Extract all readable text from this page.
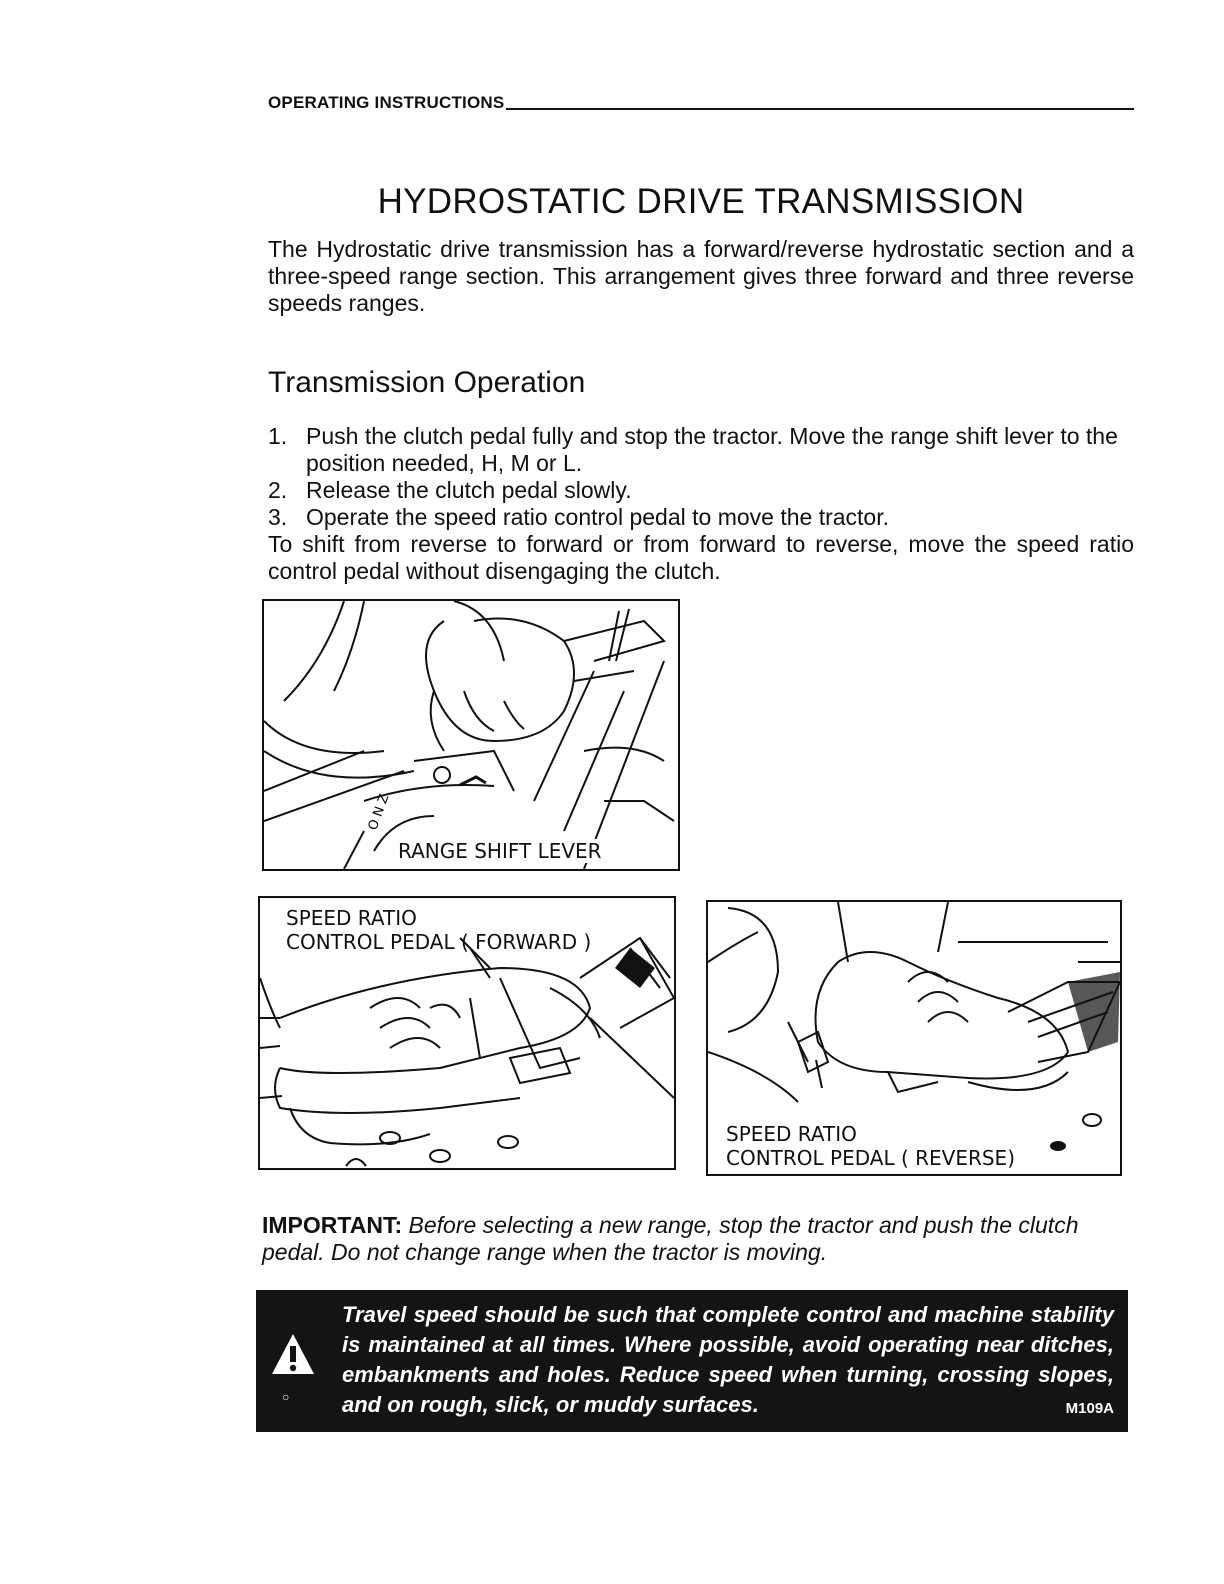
OPERATING INSTRUCTIONS
HYDROSTATIC DRIVE TRANSMISSION
The Hydrostatic drive transmission has a forward/reverse hydrostatic section and a three-speed range section. This arrangement gives three forward and three reverse speeds ranges.
Transmission Operation
1. Push the clutch pedal fully and stop the tractor. Move the range shift lever to the position needed, H, M or L.
2. Release the clutch pedal slowly.
3. Operate the speed ratio control pedal to move the tractor.
To shift from reverse to forward or from forward to reverse, move the speed ratio control pedal without disengaging the clutch.
O N Z
RANGE SHIFT LEVER
SPEED RATIO
CONTROL PEDAL ( FORWARD )
SPEED RATIO
CONTROL PEDAL ( REVERSE)
IMPORTANT: Before selecting a new range, stop the tractor and push the clutch pedal. Do not change range when the tractor is moving.
○
Travel speed should be such that complete control and machine stability is maintained at all times. Where possible, avoid operating near ditches, embankments and holes. Reduce speed when turning, crossing slopes, and on rough, slick, or muddy surfaces.	M109A
